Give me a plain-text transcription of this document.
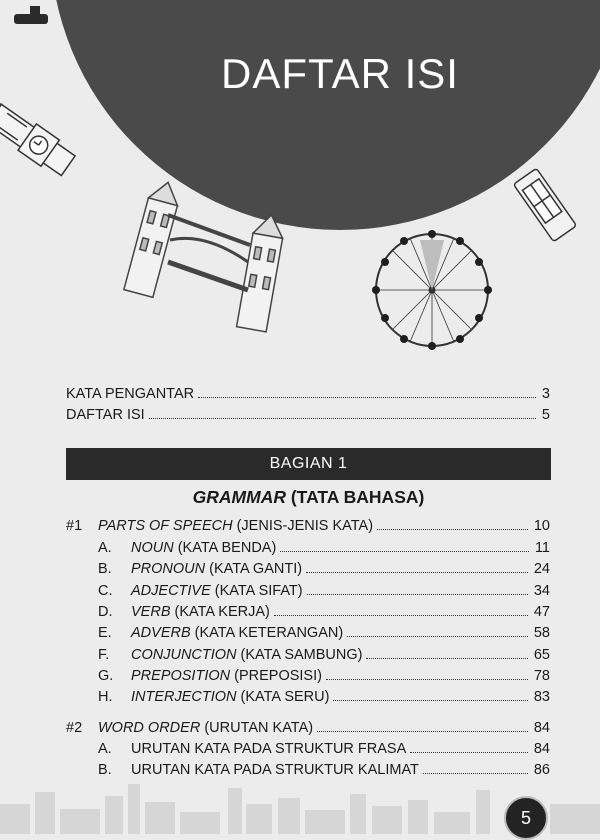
DAFTAR ISI
KATA PENGANTAR	3
DAFTAR ISI	5
BAGIAN 1
GRAMMAR (TATA BAHASA)
#1	PARTS OF SPEECH (JENIS-JENIS KATA)	10
A.	NOUN (KATA BENDA)	11
B.	PRONOUN (KATA GANTI)	24
C.	ADJECTIVE (KATA SIFAT)	34
D.	VERB (KATA KERJA)	47
E.	ADVERB (KATA KETERANGAN)	58
F.	CONJUNCTION (KATA SAMBUNG)	65
G.	PREPOSITION (PREPOSISI)	78
H.	INTERJECTION (KATA SERU)	83
#2	WORD ORDER (URUTAN KATA)	84
A.	URUTAN KATA PADA STRUKTUR FRASA	84
B.	URUTAN KATA PADA STRUKTUR KALIMAT	86
5
